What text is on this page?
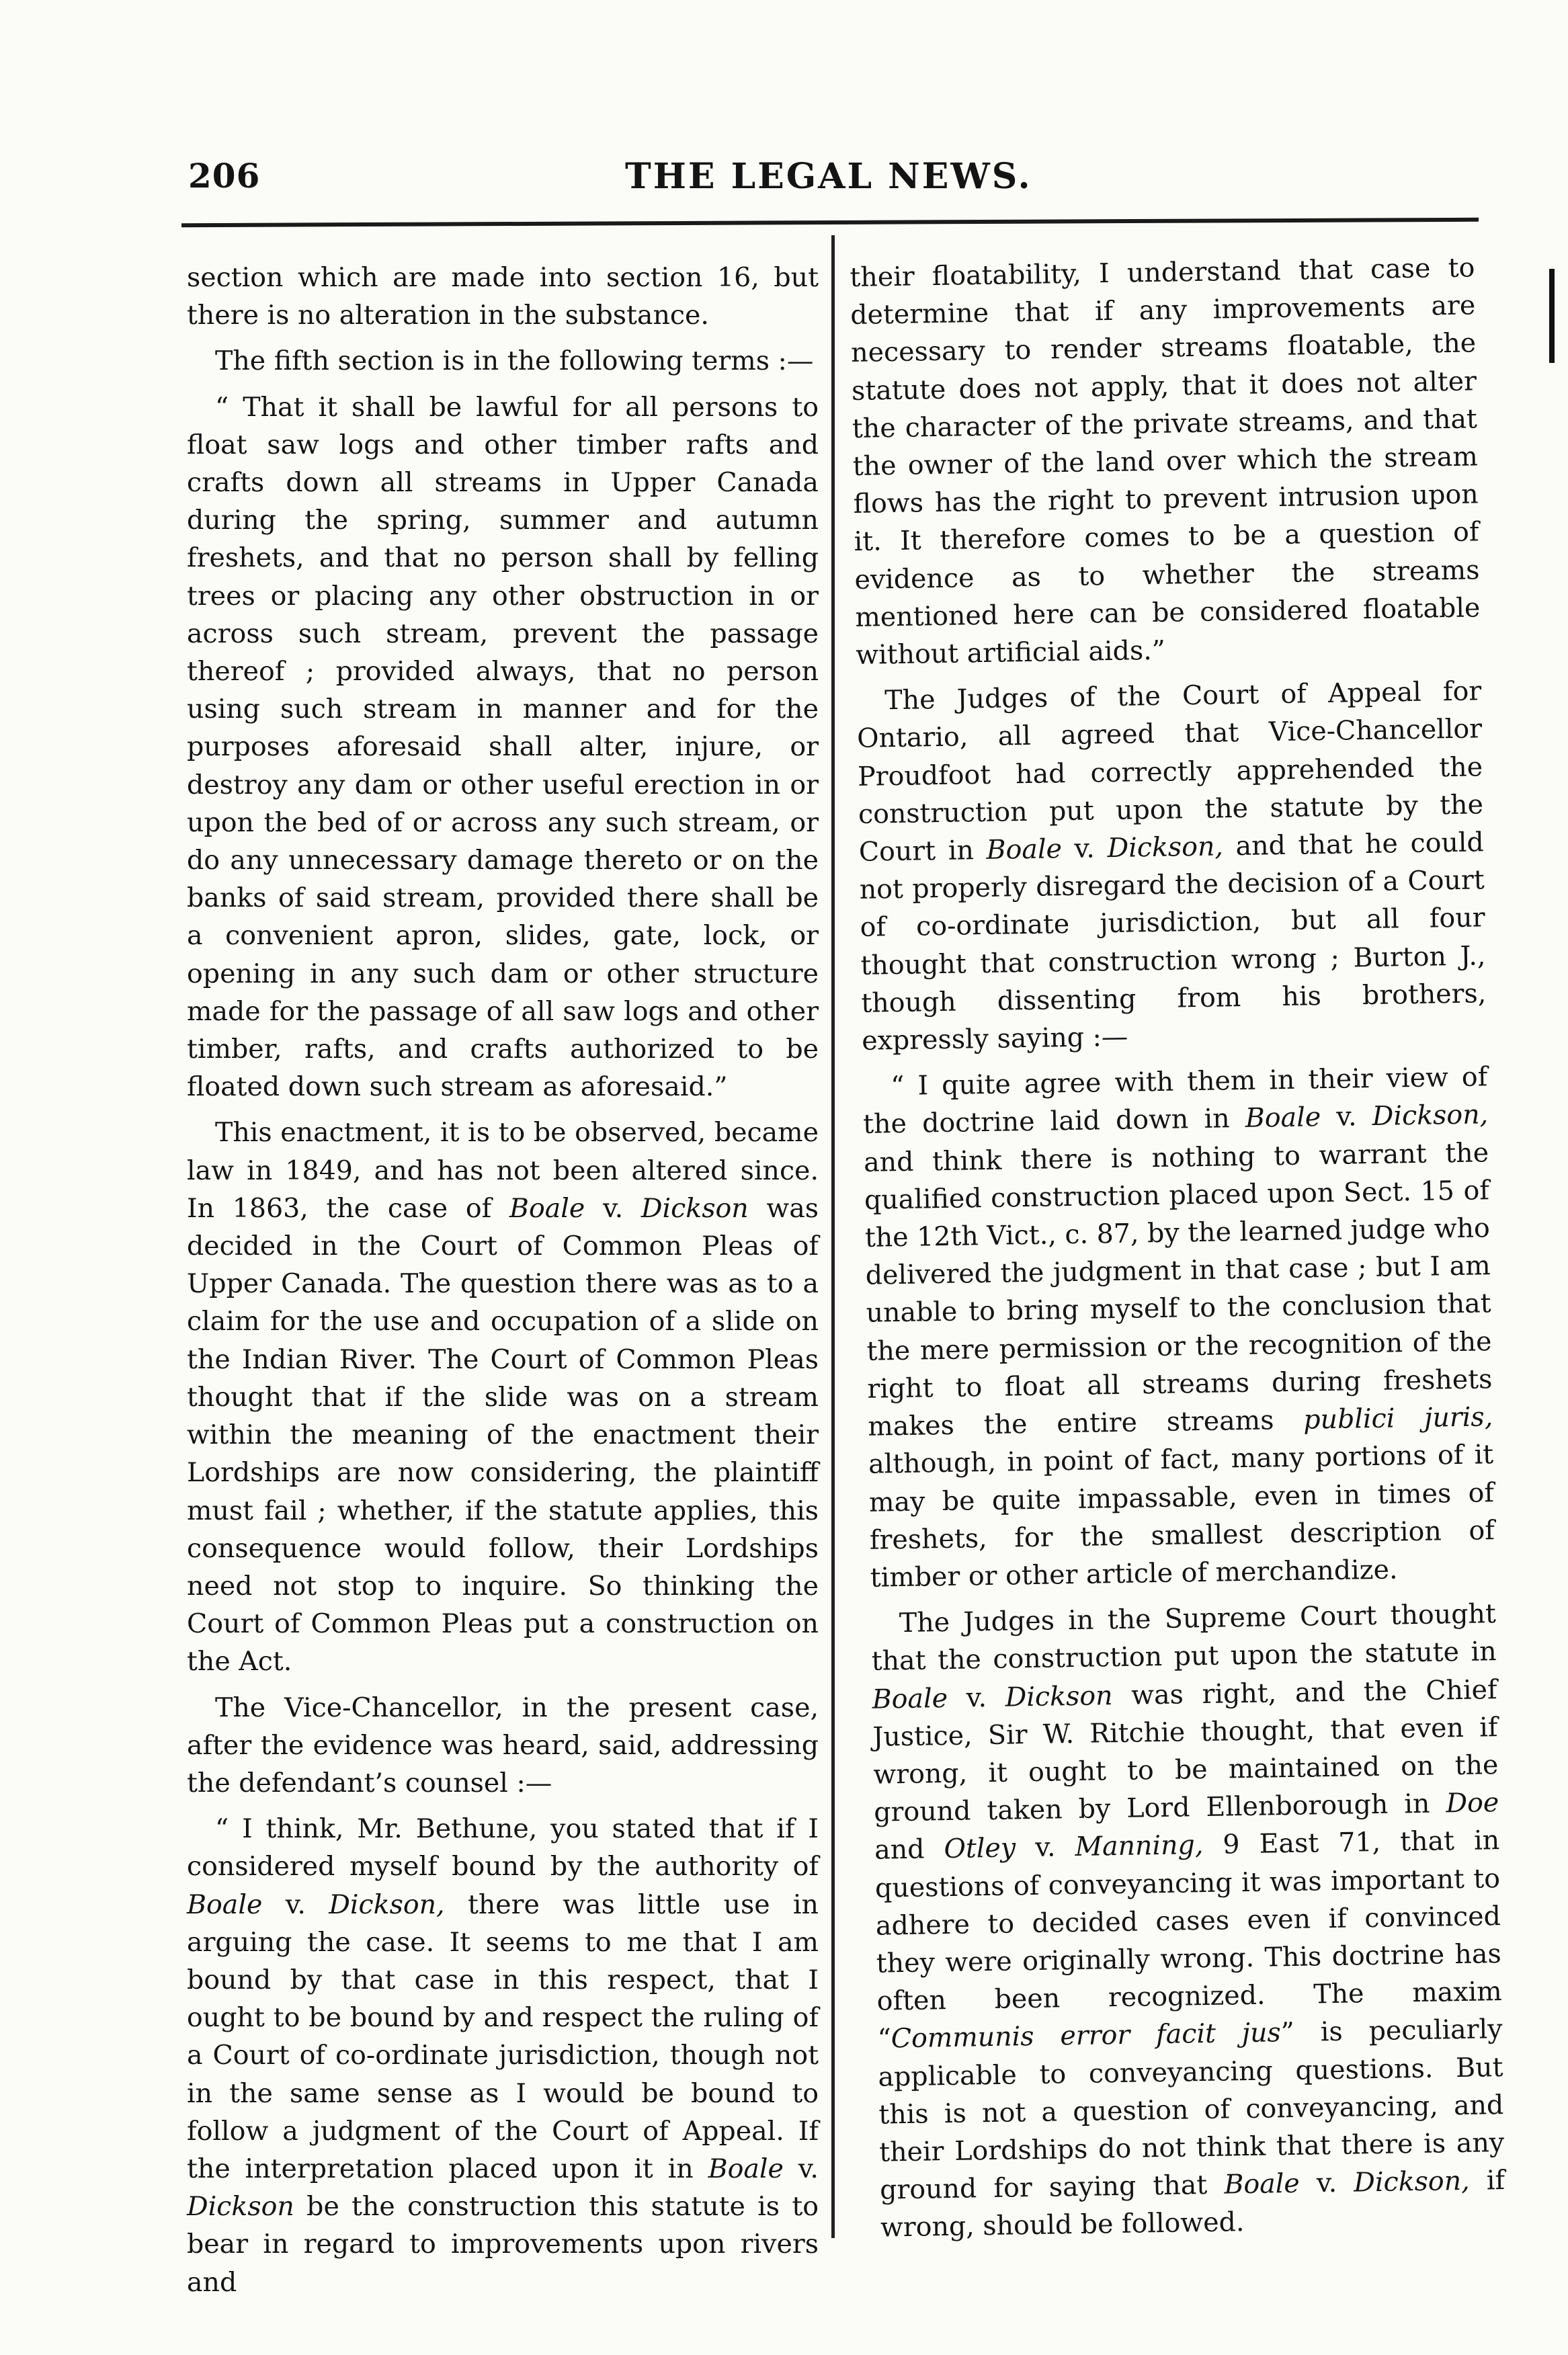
206	THE LEGAL NEWS.

section which are made into section 16, but there is no alteration in the substance.

The fifth section is in the following terms :—

“ That it shall be lawful for all persons to float saw logs and other timber rafts and crafts down all streams in Upper Canada during the spring, summer and autumn freshets, and that no person shall by felling trees or placing any other obstruction in or across such stream, prevent the passage thereof ; provided always, that no person using such stream in manner and for the purposes aforesaid shall alter, injure, or destroy any dam or other useful erection in or upon the bed of or across any such stream, or do any unnecessary damage thereto or on the banks of said stream, provided there shall be a convenient apron, slides, gate, lock, or opening in any such dam or other structure made for the passage of all saw logs and other timber, rafts, and crafts authorized to be floated down such stream as aforesaid.”

This enactment, it is to be observed, became law in 1849, and has not been altered since. In 1863, the case of Boale v. Dickson was decided in the Court of Common Pleas of Upper Canada. The question there was as to a claim for the use and occupation of a slide on the Indian River. The Court of Common Pleas thought that if the slide was on a stream within the meaning of the enactment their Lordships are now considering, the plaintiff must fail ; whether, if the statute applies, this consequence would follow, their Lordships need not stop to inquire. So thinking the Court of Common Pleas put a construction on the Act.

The Vice-Chancellor, in the present case, after the evidence was heard, said, addressing the defendant’s counsel :—

“ I think, Mr. Bethune, you stated that if I considered myself bound by the authority of Boale v. Dickson, there was little use in arguing the case. It seems to me that I am bound by that case in this respect, that I ought to be bound by and respect the ruling of a Court of co-ordinate jurisdiction, though not in the same sense as I would be bound to follow a judgment of the Court of Appeal. If the interpretation placed upon it in Boale v. Dickson be the construction this statute is to bear in regard to improvements upon rivers and

their floatability, I understand that case to determine that if any improvements are necessary to render streams floatable, the statute does not apply, that it does not alter the character of the private streams, and that the owner of the land over which the stream flows has the right to prevent intrusion upon it. It therefore comes to be a question of evidence as to whether the streams mentioned here can be considered floatable without artificial aids.”

The Judges of the Court of Appeal for Ontario, all agreed that Vice-Chancellor Proudfoot had correctly apprehended the construction put upon the statute by the Court in Boale v. Dickson, and that he could not properly disregard the decision of a Court of co-ordinate jurisdiction, but all four thought that construction wrong ; Burton J., though dissenting from his brothers, expressly saying :—

“ I quite agree with them in their view of the doctrine laid down in Boale v. Dickson, and think there is nothing to warrant the qualified construction placed upon Sect. 15 of the 12th Vict., c. 87, by the learned judge who delivered the judgment in that case ; but I am unable to bring myself to the conclusion that the mere permission or the recognition of the right to float all streams during freshets makes the entire streams publici juris, although, in point of fact, many portions of it may be quite impassable, even in times of freshets, for the smallest description of timber or other article of merchandize.

The Judges in the Supreme Court thought that the construction put upon the statute in Boale v. Dickson was right, and the Chief Justice, Sir W. Ritchie thought, that even if wrong, it ought to be maintained on the ground taken by Lord Ellenborough in Doe and Otley v. Manning, 9 East 71, that in questions of conveyancing it was important to adhere to decided cases even if convinced they were originally wrong. This doctrine has often been recognized. The maxim “Communis error facit jus” is peculiarly applicable to conveyancing questions. But this is not a question of conveyancing, and their Lordships do not think that there is any ground for saying that Boale v. Dickson, if wrong, should be followed.
